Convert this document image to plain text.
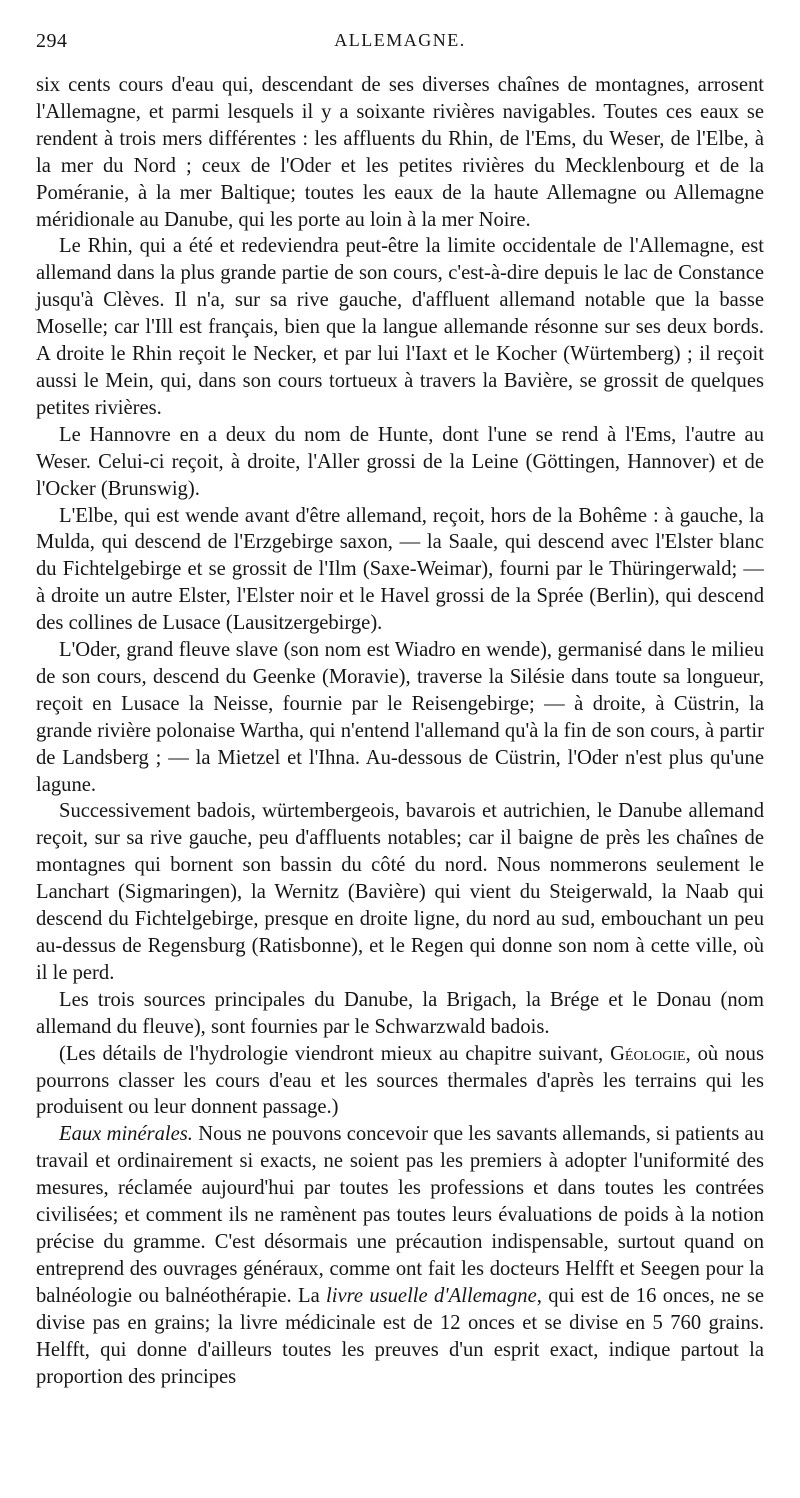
294	ALLEMAGNE.

six cents cours d'eau qui, descendant de ses diverses chaînes de montagnes, arrosent l'Allemagne, et parmi lesquels il y a soixante rivières navigables. Toutes ces eaux se rendent à trois mers différentes : les affluents du Rhin, de l'Ems, du Weser, de l'Elbe, à la mer du Nord ; ceux de l'Oder et les petites rivières du Mecklenbourg et de la Poméranie, à la mer Baltique; toutes les eaux de la haute Allemagne ou Allemagne méridionale au Danube, qui les porte au loin à la mer Noire.

Le Rhin, qui a été et redeviendra peut-être la limite occidentale de l'Allemagne, est allemand dans la plus grande partie de son cours, c'est-à-dire depuis le lac de Constance jusqu'à Clèves. Il n'a, sur sa rive gauche, d'affluent allemand notable que la basse Moselle; car l'Ill est français, bien que la langue allemande résonne sur ses deux bords. A droite le Rhin reçoit le Necker, et par lui l'Iaxt et le Kocher (Würtemberg) ; il reçoit aussi le Mein, qui, dans son cours tortueux à travers la Bavière, se grossit de quelques petites rivières.

Le Hannovre en a deux du nom de Hunte, dont l'une se rend à l'Ems, l'autre au Weser. Celui-ci reçoit, à droite, l'Aller grossi de la Leine (Göttingen, Hannover) et de l'Ocker (Brunswig).

L'Elbe, qui est wende avant d'être allemand, reçoit, hors de la Bohême : à gauche, la Mulda, qui descend de l'Erzgebirge saxon, — la Saale, qui descend avec l'Elster blanc du Fichtelgebirge et se grossit de l'Ilm (Saxe-Weimar), fourni par le Thüringerwald; — à droite un autre Elster, l'Elster noir et le Havel grossi de la Sprée (Berlin), qui descend des collines de Lusace (Lausitzergebirge).

L'Oder, grand fleuve slave (son nom est Wiadro en wende), germanisé dans le milieu de son cours, descend du Geenke (Moravie), traverse la Silésie dans toute sa longueur, reçoit en Lusace la Neisse, fournie par le Reisengebirge; — à droite, à Cüstrin, la grande rivière polonaise Wartha, qui n'entend l'allemand qu'à la fin de son cours, à partir de Landsberg ; — la Mietzel et l'Ihna. Au-dessous de Cüstrin, l'Oder n'est plus qu'une lagune.

Successivement badois, würtembergeois, bavarois et autrichien, le Danube allemand reçoit, sur sa rive gauche, peu d'affluents notables; car il baigne de près les chaînes de montagnes qui bornent son bassin du côté du nord. Nous nommerons seulement le Lanchart (Sigmaringen), la Wernitz (Bavière) qui vient du Steigerwald, la Naab qui descend du Fichtelgebirge, presque en droite ligne, du nord au sud, embouchant un peu au-dessus de Regensburg (Ratisbonne), et le Regen qui donne son nom à cette ville, où il le perd.

Les trois sources principales du Danube, la Brigach, la Brége et le Donau (nom allemand du fleuve), sont fournies par le Schwarzwald badois.

(Les détails de l'hydrologie viendront mieux au chapitre suivant, Géologie, où nous pourrons classer les cours d'eau et les sources thermales d'après les terrains qui les produisent ou leur donnent passage.)

Eaux minérales. Nous ne pouvons concevoir que les savants allemands, si patients au travail et ordinairement si exacts, ne soient pas les premiers à adopter l'uniformité des mesures, réclamée aujourd'hui par toutes les professions et dans toutes les contrées civilisées; et comment ils ne ramènent pas toutes leurs évaluations de poids à la notion précise du gramme. C'est désormais une précaution indispensable, surtout quand on entreprend des ouvrages généraux, comme ont fait les docteurs Helfft et Seegen pour la balnéologie ou balnéothérapie. La livre usuelle d'Allemagne, qui est de 16 onces, ne se divise pas en grains; la livre médicinale est de 12 onces et se divise en 5 760 grains. Helfft, qui donne d'ailleurs toutes les preuves d'un esprit exact, indique partout la proportion des principes
